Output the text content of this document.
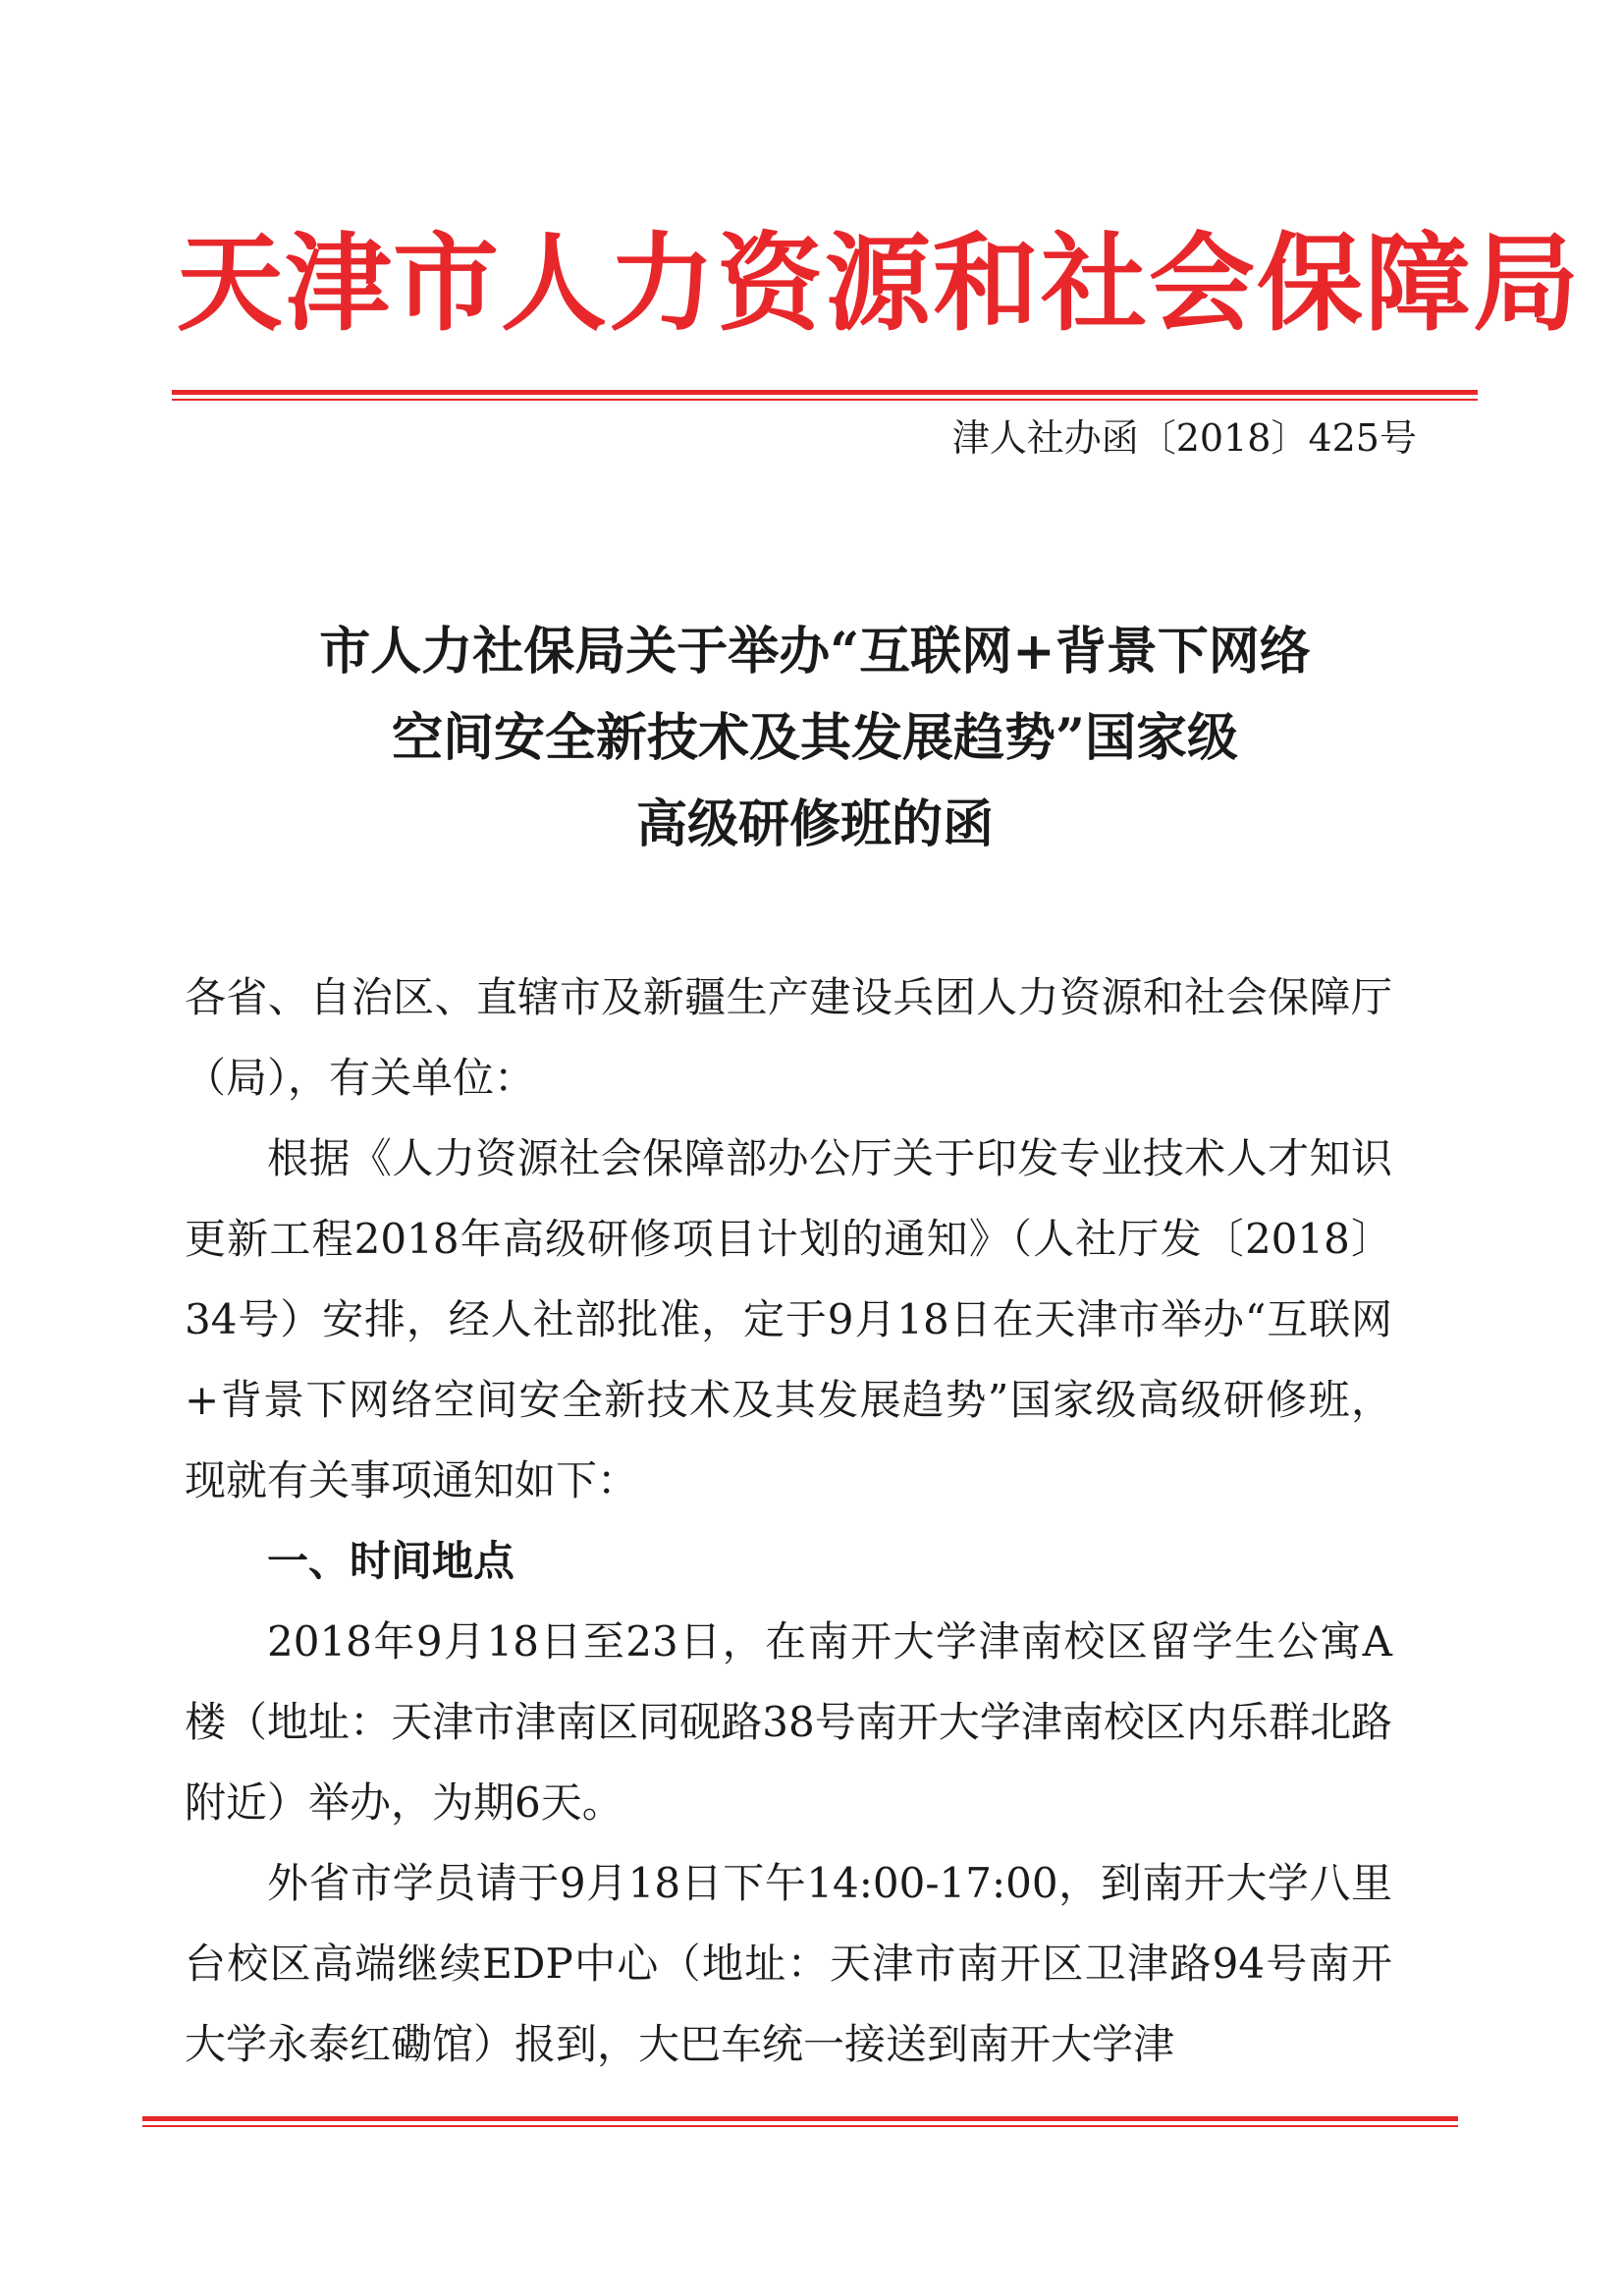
天津市人力资源和社会保障局
津人社办函〔2018〕425号
市人力社保局关于举办“互联网+背景下网络
空间安全新技术及其发展趋势”国家级
高级研修班的函

各省、自治区、直辖市及新疆生产建设兵团人力资源和社会保障厅（局），有关单位：

根据《人力资源社会保障部办公厅关于印发专业技术人才知识更新工程2018年高级研修项目计划的通知》（人社厅发〔2018〕34号）安排，经人社部批准，定于9月18日在天津市举办“互联网+背景下网络空间安全新技术及其发展趋势”国家级高级研修班，现就有关事项通知如下：

一、时间地点

2018年9月18日至23日，在南开大学津南校区留学生公寓A楼（地址：天津市津南区同砚路38号南开大学津南校区内乐群北路附近）举办，为期6天。

外省市学员请于9月18日下午14:00-17:00，到南开大学八里台校区高端继续EDP中心（地址：天津市南开区卫津路94号南开大学永泰红磡馆）报到，大巴车统一接送到南开大学津
